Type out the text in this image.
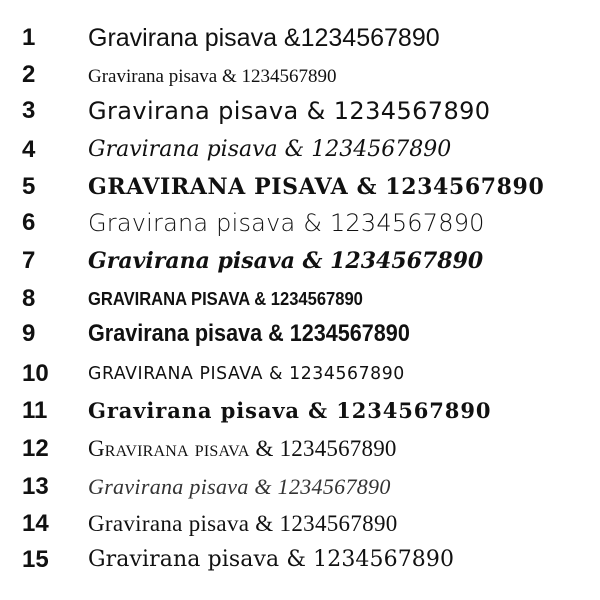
1	Gravirana pisava &1234567890
2	Gravirana pisava & 1234567890
3	Gravirana pisava & 1234567890
4	Gravirana pisava & 1234567890
5	GRAVIRANA PISAVA & 1234567890
6	Gravirana pisava & 1234567890
7	Gravirana pisava & 1234567890
8	GRAVIRANA PISAVA & 1234567890
9	Gravirana pisava & 1234567890
10	GRAVIRANA PISAVA & 1234567890
11	Gravirana pisava & 1234567890
12	Gravirana pisava & 1234567890
13	Gravirana pisava & 1234567890
14	Gravirana pisava & 1234567890
15	Gravirana pisava & 1234567890
